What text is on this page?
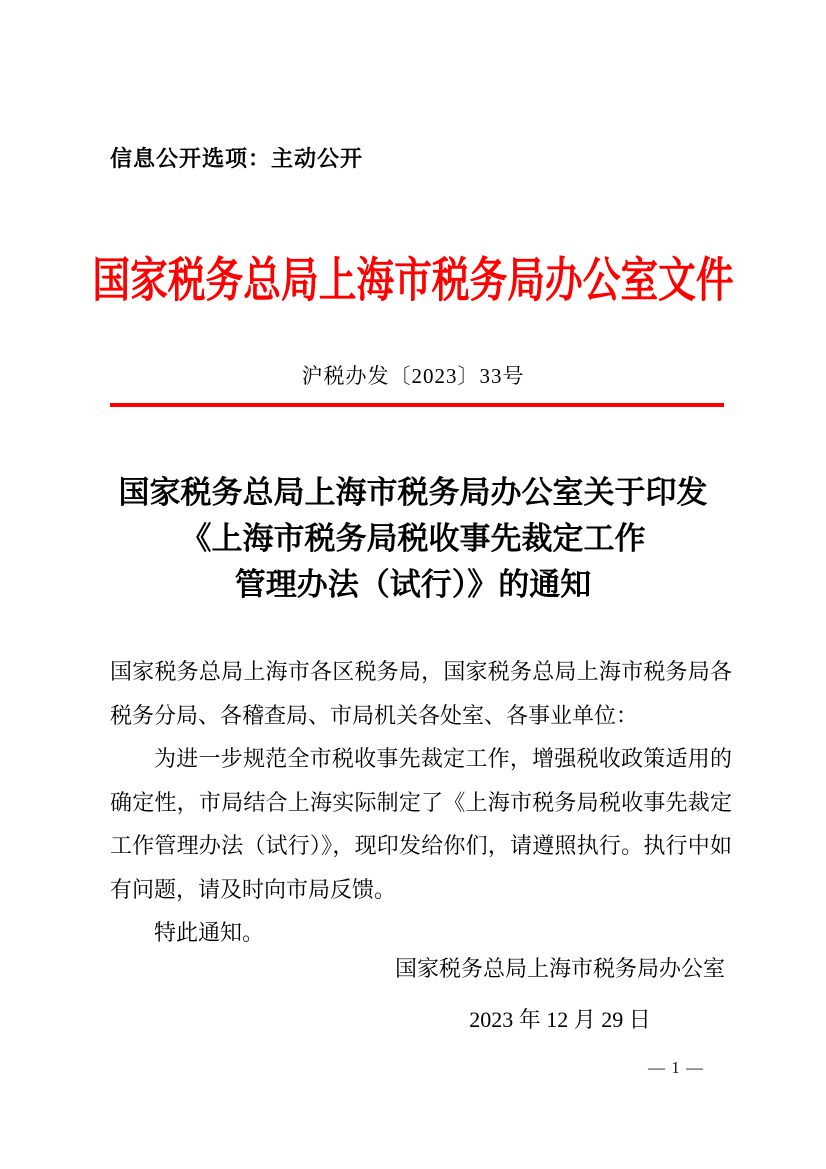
信息公开选项：主动公开
国家税务总局上海市税务局办公室文件
沪税办发〔2023〕33号
国家税务总局上海市税务局办公室关于印发
《上海市税务局税收事先裁定工作
管理办法（试行）》的通知

国家税务总局上海市各区税务局，国家税务总局上海市税务局各税务分局、各稽查局、市局机关各处室、各事业单位：

为进一步规范全市税收事先裁定工作，增强税收政策适用的确定性，市局结合上海实际制定了《上海市税务局税收事先裁定工作管理办法（试行）》，现印发给你们，请遵照执行。执行中如有问题，请及时向市局反馈。

特此通知。

国家税务总局上海市税务局办公室
2023 年 12 月 29 日
— 1 —
